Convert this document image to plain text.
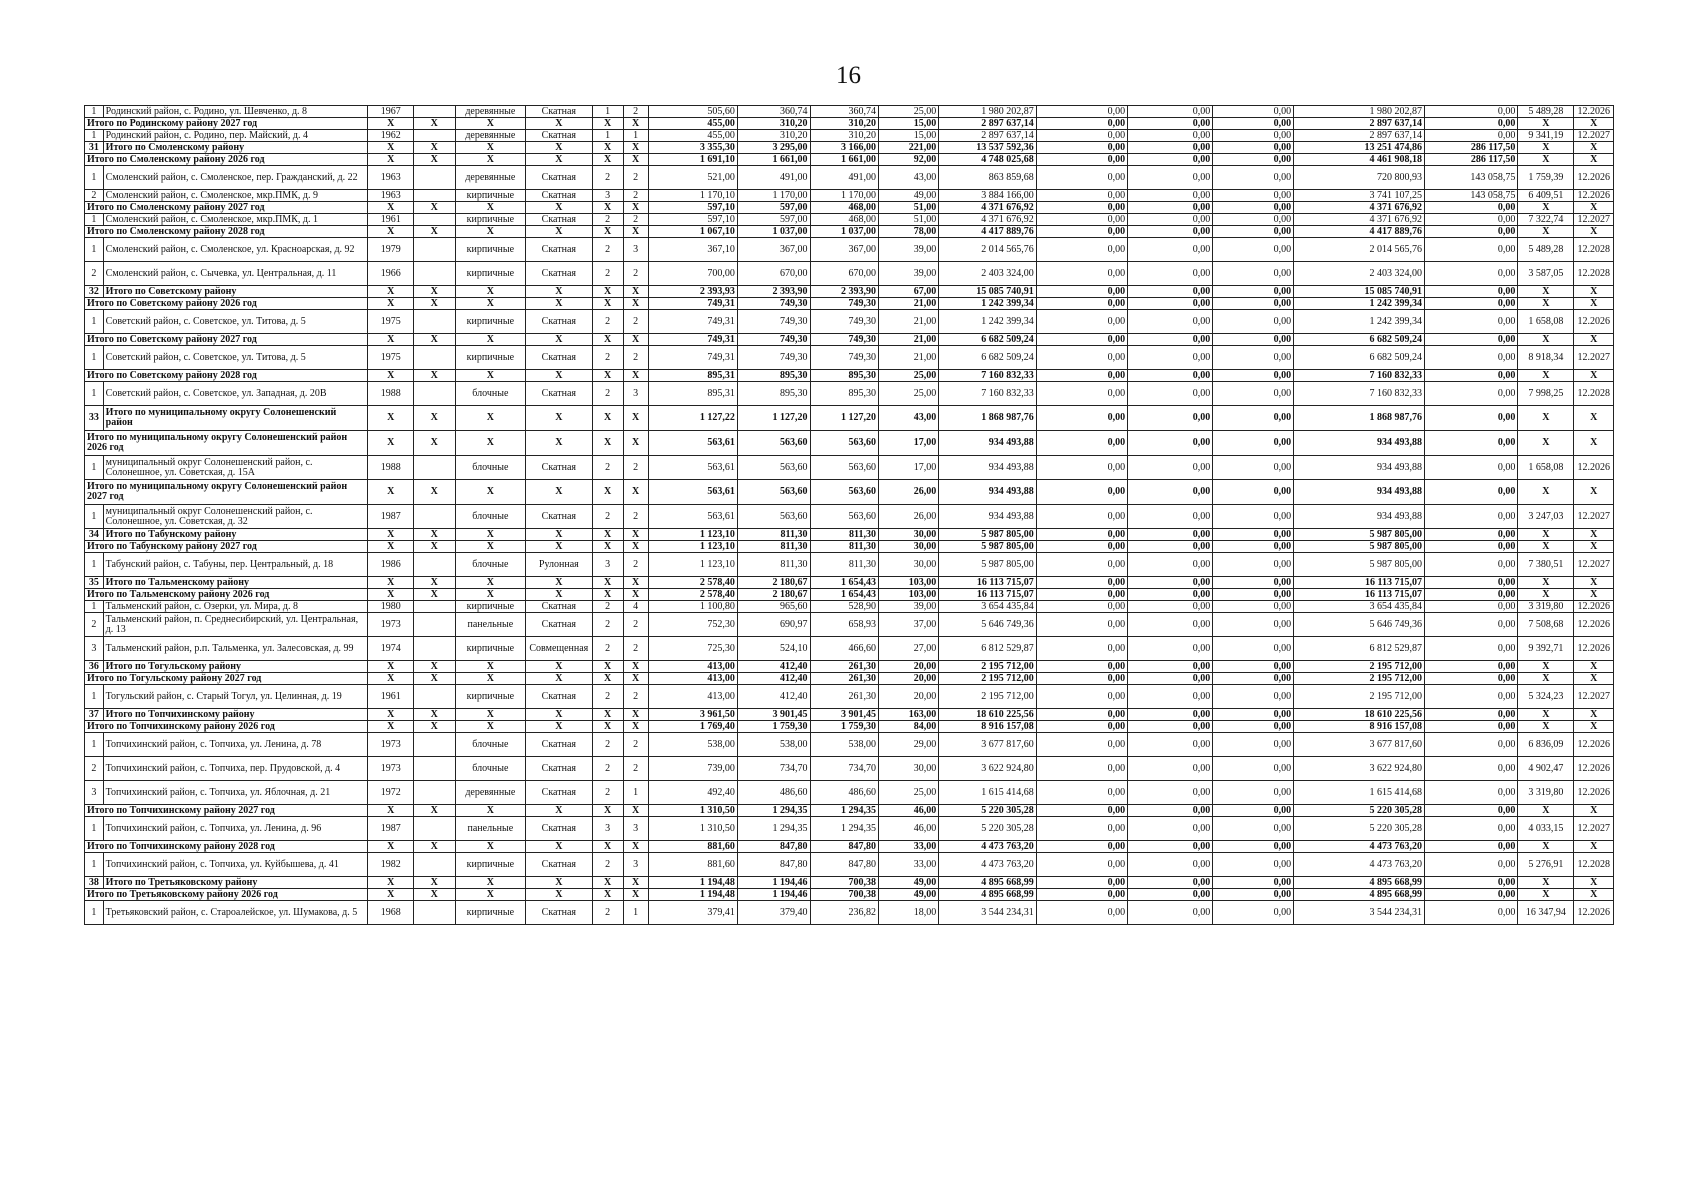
16
1	Родинский район, с. Родино, ул. Шевченко, д. 8	1967		деревянные	Скатная	1	2	505,60	360,74	360,74	25,00	1 980 202,87	0,00	0,00	0,00	1 980 202,87	0,00	5 489,28	12.2026
Итого по Родинскому району 2027 год		X	X	X	X	X	X	455,00	310,20	310,20	15,00	2 897 637,14	0,00	0,00	0,00	2 897 637,14	0,00	X	X
1	Родинский район, с. Родино, пер. Майский, д. 4	1962		деревянные	Скатная	1	1	455,00	310,20	310,20	15,00	2 897 637,14	0,00	0,00	0,00	2 897 637,14	0,00	9 341,19	12.2027
31	Итого по Смоленскому району	X	X	X	X	X	X	3 355,30	3 295,00	3 166,00	221,00	13 537 592,36	0,00	0,00	0,00	13 251 474,86	286 117,50	X	X
Итого по Смоленскому району 2026 год		X	X	X	X	X	X	1 691,10	1 661,00	1 661,00	92,00	4 748 025,68	0,00	0,00	0,00	4 461 908,18	286 117,50	X	X
1	Смоленский район, с. Смоленское, пер. Гражданский, д. 22	1963		деревянные	Скатная	2	2	521,00	491,00	491,00	43,00	863 859,68	0,00	0,00	0,00	720 800,93	143 058,75	1 759,39	12.2026
2	Смоленский район, с. Смоленское, мкр.ПМК, д. 9	1963		кирпичные	Скатная	3	2	1 170,10	1 170,00	1 170,00	49,00	3 884 166,00	0,00	0,00	0,00	3 741 107,25	143 058,75	6 409,51	12.2026
Итого по Смоленскому району 2027 год		X	X	X	X	X	X	597,10	597,00	468,00	51,00	4 371 676,92	0,00	0,00	0,00	4 371 676,92	0,00	X	X
1	Смоленский район, с. Смоленское, мкр.ПМК, д. 1	1961		кирпичные	Скатная	2	2	597,10	597,00	468,00	51,00	4 371 676,92	0,00	0,00	0,00	4 371 676,92	0,00	7 322,74	12.2027
Итого по Смоленскому району 2028 год		X	X	X	X	X	X	1 067,10	1 037,00	1 037,00	78,00	4 417 889,76	0,00	0,00	0,00	4 417 889,76	0,00	X	X
1	Смоленский район, с. Смоленское, ул. Красноарская, д. 92	1979		кирпичные	Скатная	2	3	367,10	367,00	367,00	39,00	2 014 565,76	0,00	0,00	0,00	2 014 565,76	0,00	5 489,28	12.2028
2	Смоленский район, с. Сычевка, ул. Центральная, д. 11	1966		кирпичные	Скатная	2	2	700,00	670,00	670,00	39,00	2 403 324,00	0,00	0,00	0,00	2 403 324,00	0,00	3 587,05	12.2028
32	Итого по Советскому району	X	X	X	X	X	X	2 393,93	2 393,90	2 393,90	67,00	15 085 740,91	0,00	0,00	0,00	15 085 740,91	0,00	X	X
Итого по Советскому району 2026 год		X	X	X	X	X	X	749,31	749,30	749,30	21,00	1 242 399,34	0,00	0,00	0,00	1 242 399,34	0,00	X	X
1	Советский район, с. Советское, ул. Титова, д. 5	1975		кирпичные	Скатная	2	2	749,31	749,30	749,30	21,00	1 242 399,34	0,00	0,00	0,00	1 242 399,34	0,00	1 658,08	12.2026
Итого по Советскому району 2027 год		X	X	X	X	X	X	749,31	749,30	749,30	21,00	6 682 509,24	0,00	0,00	0,00	6 682 509,24	0,00	X	X
1	Советский район, с. Советское, ул. Титова, д. 5	1975		кирпичные	Скатная	2	2	749,31	749,30	749,30	21,00	6 682 509,24	0,00	0,00	0,00	6 682 509,24	0,00	8 918,34	12.2027
Итого по Советскому району 2028 год		X	X	X	X	X	X	895,31	895,30	895,30	25,00	7 160 832,33	0,00	0,00	0,00	7 160 832,33	0,00	X	X
1	Советский район, с. Советское, ул. Западная, д. 20В	1988		блочные	Скатная	2	3	895,31	895,30	895,30	25,00	7 160 832,33	0,00	0,00	0,00	7 160 832,33	0,00	7 998,25	12.2028
33	Итого по муниципальному округу Солонешенский район	X	X	X	X	X	X	1 127,22	1 127,20	1 127,20	43,00	1 868 987,76	0,00	0,00	0,00	1 868 987,76	0,00	X	X
Итого по муниципальному округу Солонешенский район 2026 год		X	X	X	X	X	X	563,61	563,60	563,60	17,00	934 493,88	0,00	0,00	0,00	934 493,88	0,00	X	X
1	муниципальный округ Солонешенский район, с. Солонешное, ул. Советская, д. 15А	1988		блочные	Скатная	2	2	563,61	563,60	563,60	17,00	934 493,88	0,00	0,00	0,00	934 493,88	0,00	1 658,08	12.2026
Итого по муниципальному округу Солонешенский район 2027 год		X	X	X	X	X	X	563,61	563,60	563,60	26,00	934 493,88	0,00	0,00	0,00	934 493,88	0,00	X	X
1	муниципальный округ Солонешенский район, с. Солонешное, ул. Советская, д. 32	1987		блочные	Скатная	2	2	563,61	563,60	563,60	26,00	934 493,88	0,00	0,00	0,00	934 493,88	0,00	3 247,03	12.2027
34	Итого по Табунскому району	X	X	X	X	X	X	1 123,10	811,30	811,30	30,00	5 987 805,00	0,00	0,00	0,00	5 987 805,00	0,00	X	X
Итого по Табунскому району 2027 год		X	X	X	X	X	X	1 123,10	811,30	811,30	30,00	5 987 805,00	0,00	0,00	0,00	5 987 805,00	0,00	X	X
1	Табунский район, с. Табуны, пер. Центральный, д. 18	1986		блочные	Рулонная	3	2	1 123,10	811,30	811,30	30,00	5 987 805,00	0,00	0,00	0,00	5 987 805,00	0,00	7 380,51	12.2027
35	Итого по Тальменскому району	X	X	X	X	X	X	2 578,40	2 180,67	1 654,43	103,00	16 113 715,07	0,00	0,00	0,00	16 113 715,07	0,00	X	X
Итого по Тальменскому району 2026 год		X	X	X	X	X	X	2 578,40	2 180,67	1 654,43	103,00	16 113 715,07	0,00	0,00	0,00	16 113 715,07	0,00	X	X
1	Тальменский район, с. Озерки, ул. Мира, д. 8	1980		кирпичные	Скатная	2	4	1 100,80	965,60	528,90	39,00	3 654 435,84	0,00	0,00	0,00	3 654 435,84	0,00	3 319,80	12.2026
2	Тальменский район, п. Среднесибирский, ул. Центральная, д. 13	1973		панельные	Скатная	2	2	752,30	690,97	658,93	37,00	5 646 749,36	0,00	0,00	0,00	5 646 749,36	0,00	7 508,68	12.2026
3	Тальменский район, р.п. Тальменка, ул. Залесовская, д. 99	1974		кирпичные	Совмещенная	2	2	725,30	524,10	466,60	27,00	6 812 529,87	0,00	0,00	0,00	6 812 529,87	0,00	9 392,71	12.2026
36	Итого по Тогульскому району	X	X	X	X	X	X	413,00	412,40	261,30	20,00	2 195 712,00	0,00	0,00	0,00	2 195 712,00	0,00	X	X
Итого по Тогульскому району 2027 год		X	X	X	X	X	X	413,00	412,40	261,30	20,00	2 195 712,00	0,00	0,00	0,00	2 195 712,00	0,00	X	X
1	Тогульский район, с. Старый Тогул, ул. Целинная, д. 19	1961		кирпичные	Скатная	2	2	413,00	412,40	261,30	20,00	2 195 712,00	0,00	0,00	0,00	2 195 712,00	0,00	5 324,23	12.2027
37	Итого по Топчихинскому району	X	X	X	X	X	X	3 961,50	3 901,45	3 901,45	163,00	18 610 225,56	0,00	0,00	0,00	18 610 225,56	0,00	X	X
Итого по Топчихинскому району 2026 год		X	X	X	X	X	X	1 769,40	1 759,30	1 759,30	84,00	8 916 157,08	0,00	0,00	0,00	8 916 157,08	0,00	X	X
1	Топчихинский район, с. Топчиха, ул. Ленина, д. 78	1973		блочные	Скатная	2	2	538,00	538,00	538,00	29,00	3 677 817,60	0,00	0,00	0,00	3 677 817,60	0,00	6 836,09	12.2026
2	Топчихинский район, с. Топчиха, пер. Прудовской, д. 4	1973		блочные	Скатная	2	2	739,00	734,70	734,70	30,00	3 622 924,80	0,00	0,00	0,00	3 622 924,80	0,00	4 902,47	12.2026
3	Топчихинский район, с. Топчиха, ул. Яблочная, д. 21	1972		деревянные	Скатная	2	1	492,40	486,60	486,60	25,00	1 615 414,68	0,00	0,00	0,00	1 615 414,68	0,00	3 319,80	12.2026
Итого по Топчихинскому району 2027 год		X	X	X	X	X	X	1 310,50	1 294,35	1 294,35	46,00	5 220 305,28	0,00	0,00	0,00	5 220 305,28	0,00	X	X
1	Топчихинский район, с. Топчиха, ул. Ленина, д. 96	1987		панельные	Скатная	3	3	1 310,50	1 294,35	1 294,35	46,00	5 220 305,28	0,00	0,00	0,00	5 220 305,28	0,00	4 033,15	12.2027
Итого по Топчихинскому району 2028 год		X	X	X	X	X	X	881,60	847,80	847,80	33,00	4 473 763,20	0,00	0,00	0,00	4 473 763,20	0,00	X	X
1	Топчихинский район, с. Топчиха, ул. Куйбышева, д. 41	1982		кирпичные	Скатная	2	3	881,60	847,80	847,80	33,00	4 473 763,20	0,00	0,00	0,00	4 473 763,20	0,00	5 276,91	12.2028
38	Итого по Третьяковскому району	X	X	X	X	X	X	1 194,48	1 194,46	700,38	49,00	4 895 668,99	0,00	0,00	0,00	4 895 668,99	0,00	X	X
Итого по Третьяковскому району 2026 год		X	X	X	X	X	X	1 194,48	1 194,46	700,38	49,00	4 895 668,99	0,00	0,00	0,00	4 895 668,99	0,00	X	X
1	Третьяковский район, с. Староалейское, ул. Шумакова, д. 5	1968		кирпичные	Скатная	2	1	379,41	379,40	236,82	18,00	3 544 234,31	0,00	0,00	0,00	3 544 234,31	0,00	16 347,94	12.2026
